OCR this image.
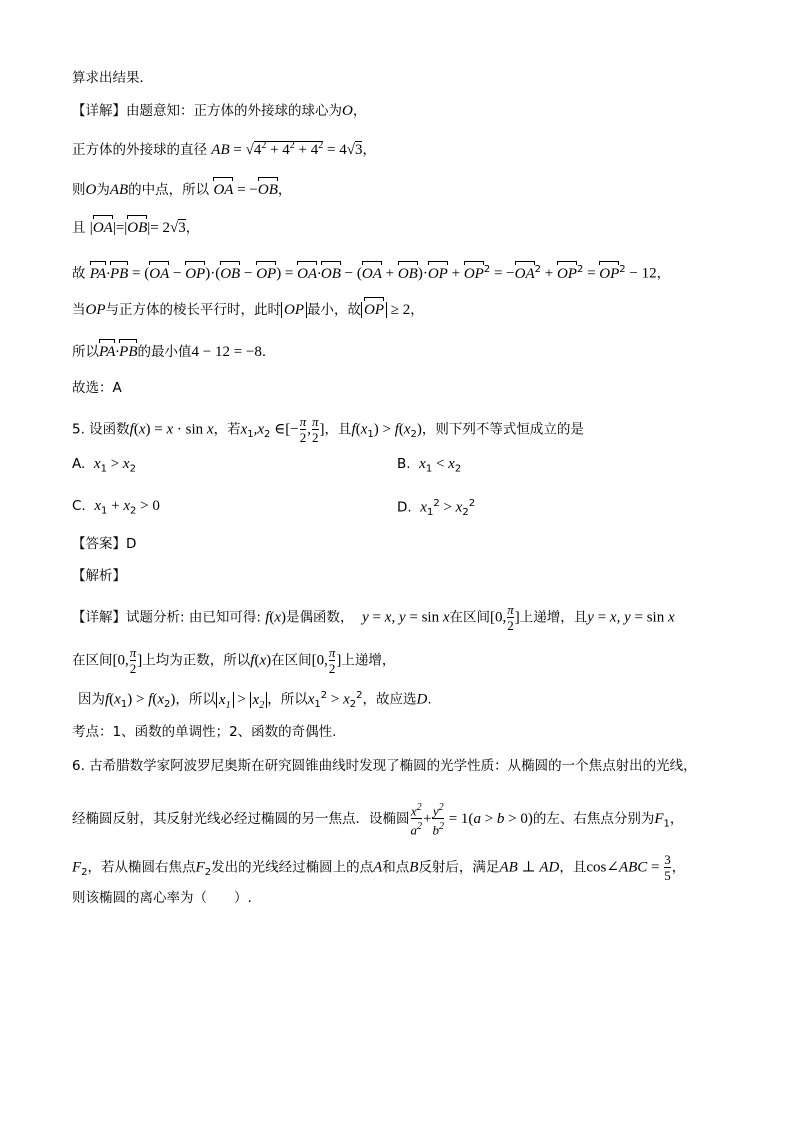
算求出结果．
【详解】由题意知：正方体的外接球的球心为O，
正方体的外接球的直径 AB = $√4^2 + 4^2 + 4^2 = 4√3$，
则O为AB的中点，所以 OA = −OB，
且 |OA|=|OB|= 2√3，
故 $PA\cdot PB = (OA - OP)\cdot(OB - OP) = OA\cdot OB - (OA + OB)\cdot OP + OP^2 = -OA^2 + OP^2 = OP^2 - 12$，
当OP与正方体的棱长平行时，此时 OP 最小，故 OP ≥ 2，
所以PA·PB的最小值4 − 12 = −8．
故选：A
5. 设函数f(x) = x · sin x，若$x_1,x_2$ ∈[− $\frac{\pi}{2}$ , $\frac{\pi}{2}$ ]，且$f(x_1) > f(x_2)$，则下列不等式恒成立的是
A. $x_1 > x_2$	B. $x_1 < x_2$
C. $x_1 + x_2 > 0$	D. $x_1^2 > x_2^2$
【答案】D
【解析】
【详解】试题分析: 由已知可得: f(x)是偶函数， y = x, y = sin x在区间[0, $\frac{\pi}{2}$ ]上递增，且y = x, y = sin x
在区间[0, $\frac{\pi}{2}$ ]上均为正数，所以f(x)在区间[0, $\frac{\pi}{2}$ ]上递增，
因为$f(x_1) > f(x_2)$，所以 $x_1 > x_2$ ，所以$x_1^2 > x_2^2$，故应选D.
考点：1、函数的单调性；2、函数的奇偶性.
6. 古希腊数学家阿波罗尼奥斯在研究圆锥曲线时发现了椭圆的光学性质：从椭圆的一个焦点射出的光线，
经椭圆反射，其反射光线必经过椭圆的另一焦点．设椭圆 $\frac{x^2}{a^2} + \frac{y^2}{b^2} = 1(a > b > 0)$的左、右焦点分别为$F_1$，
$F_2$，若从椭圆右焦点$F_2$发出的光线经过椭圆上的点A和点B反射后，满足AB ⊥ AD，且cos∠ABC = $\frac{3}{5}$ ，
则该椭圆的离心率为（　　）.
